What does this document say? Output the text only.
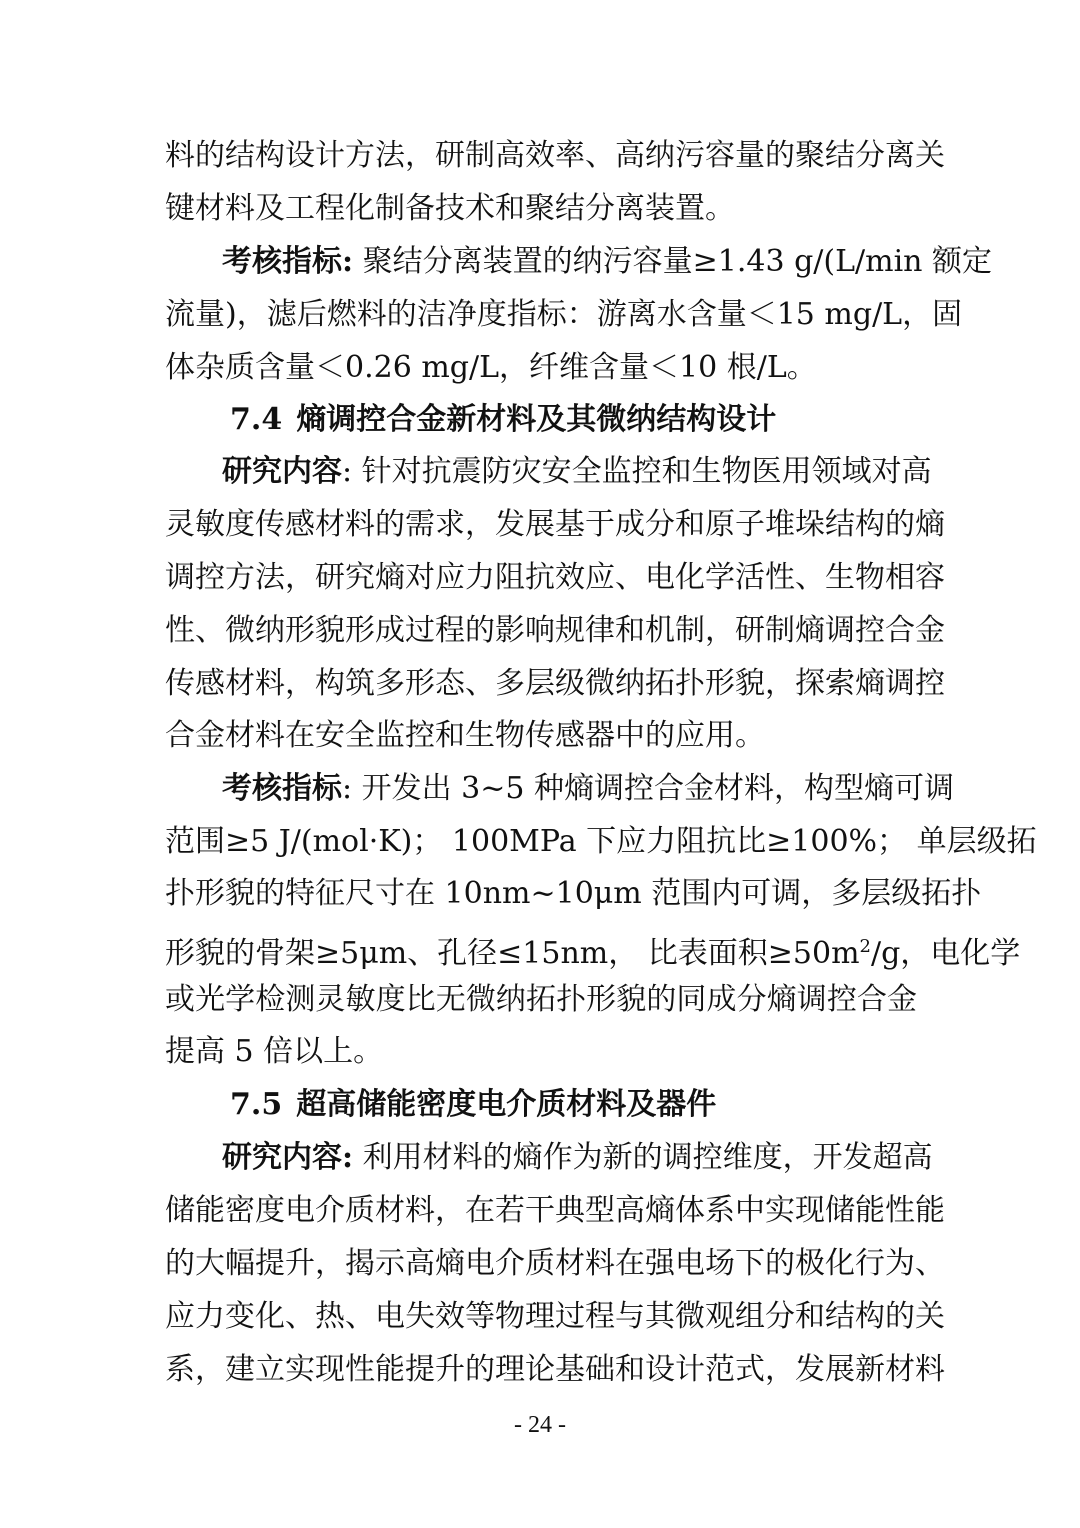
料的结构设计方法，研制高效率、高纳污容量的聚结分离关
键材料及工程化制备技术和聚结分离装置。
考核指标: 聚结分离装置的纳污容量≥1.43 g/(L/min 额定
流量)，滤后燃料的洁净度指标：游离水含量＜15 mg/L，固
体杂质含量＜0.26 mg/L，纤维含量＜10 根/L。
7.4 熵调控合金新材料及其微纳结构设计
研究内容: 针对抗震防灾安全监控和生物医用领域对高
灵敏度传感材料的需求，发展基于成分和原子堆垛结构的熵
调控方法，研究熵对应力阻抗效应、电化学活性、生物相容
性、微纳形貌形成过程的影响规律和机制，研制熵调控合金
传感材料，构筑多形态、多层级微纳拓扑形貌，探索熵调控
合金材料在安全监控和生物传感器中的应用。
考核指标: 开发出 3~5 种熵调控合金材料，构型熵可调
范围≥5 J/(mol·K)； 100MPa 下应力阻抗比≥100%； 单层级拓
扑形貌的特征尺寸在 10nm~10μm 范围内可调，多层级拓扑
形貌的骨架≥5μm、孔径≤15nm， 比表面积$\ge 50m^2/g$，电化学
或光学检测灵敏度比无微纳拓扑形貌的同成分熵调控合金
提高 5 倍以上。
7.5 超高储能密度电介质材料及器件
研究内容: 利用材料的熵作为新的调控维度，开发超高
储能密度电介质材料，在若干典型高熵体系中实现储能性能
的大幅提升，揭示高熵电介质材料在强电场下的极化行为、
应力变化、热、电失效等物理过程与其微观组分和结构的关
系，建立实现性能提升的理论基础和设计范式，发展新材料
- 24 -
